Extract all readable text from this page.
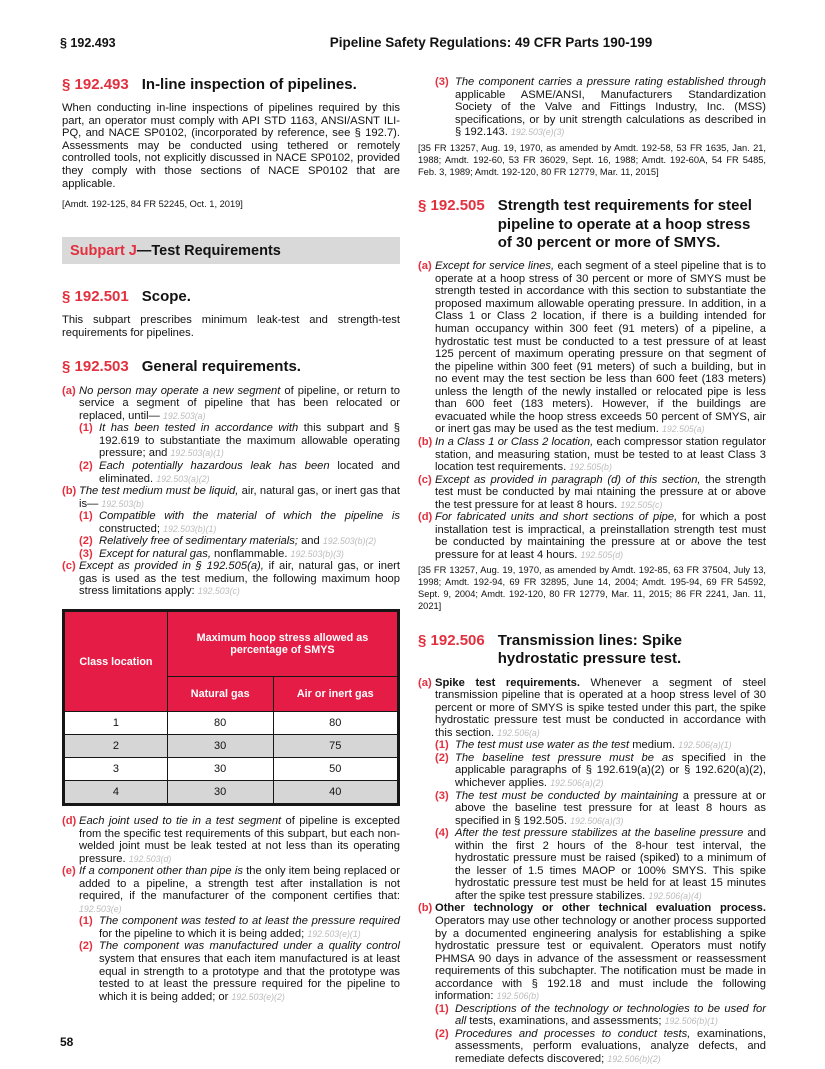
§ 192.493	Pipeline Safety Regulations: 49 CFR Parts 190-199
§ 192.493 In-line inspection of pipelines.

When conducting in-line inspections of pipelines required by this part, an operator must comply with API STD 1163, ANSI/ASNT ILI-PQ, and NACE SP0102, (incorporated by reference, see § 192.7). Assessments may be conducted using tethered or remotely controlled tools, not explicitly discussed in NACE SP0102, provided they comply with those sections of NACE SP0102 that are applicable.

[Amdt. 192-125, 84 FR 52245, Oct. 1, 2019]

Subpart J—Test Requirements
§ 192.501 Scope.

This subpart prescribes minimum leak-test and strength-test requirements for pipelines.

§ 192.503 General requirements.

(a) No person may operate a new segment of pipeline, or return to service a segment of pipeline that has been relocated or replaced, until— 192.503(a)

(1) It has been tested in accordance with this subpart and § 192.619 to substantiate the maximum allowable operating pressure; and 192.503(a)(1)

(2) Each potentially hazardous leak has been located and eliminated. 192.503(a)(2)

(b) The test medium must be liquid, air, natural gas, or inert gas that is— 192.503(b)

(1) Compatible with the material of which the pipeline is constructed; 192.503(b)(1)

(2) Relatively free of sedimentary materials; and 192.503(b)(2)

(3) Except for natural gas, nonflammable. 192.503(b)(3)

(c) Except as provided in § 192.505(a), if air, natural gas, or inert gas is used as the test medium, the following maximum hoop stress limitations apply: 192.503(c)

Class location	Maximum hoop stress allowed as percentage of SMYS	
	Natural gas	Air or inert gas
1	80	80
2	30	75
3	30	50
4	30	40

(d) Each joint used to tie in a test segment of pipeline is excepted from the specific test requirements of this subpart, but each non-welded joint must be leak tested at not less than its operating pressure. 192.503(d)

(e) If a component other than pipe is the only item being replaced or added to a pipeline, a strength test after installation is not required, if the manufacturer of the component certifies that: 192.503(e)

(1) The component was tested to at least the pressure required for the pipeline to which it is being added; 192.503(e)(1)

(2) The component was manufactured under a quality control system that ensures that each item manufactured is at least equal in strength to a prototype and that the prototype was tested to at least the pressure required for the pipeline to which it is being added; or 192.503(e)(2)

(3) The component carries a pressure rating established through applicable ASME/ANSI, Manufacturers Standardization Society of the Valve and Fittings Industry, Inc. (MSS) specifications, or by unit strength calculations as described in § 192.143. 192.503(e)(3)

[35 FR 13257, Aug. 19, 1970, as amended by Amdt. 192-58, 53 FR 1635, Jan. 21, 1988; Amdt. 192-60, 53 FR 36029, Sept. 16, 1988; Amdt. 192-60A, 54 FR 5485, Feb. 3, 1989; Amdt. 192-120, 80 FR 12779, Mar. 11, 2015]

§ 192.505 Strength test requirements for steel pipeline to operate at a hoop stress of 30 percent or more of SMYS.

(a) Except for service lines, each segment of a steel pipeline that is to operate at a hoop stress of 30 percent or more of SMYS must be strength tested in accordance with this section to substantiate the proposed maximum allowable operating pressure. In addition, in a Class 1 or Class 2 location, if there is a building intended for human occupancy within 300 feet (91 meters) of a pipeline, a hydrostatic test must be conducted to a test pressure of at least 125 percent of maximum operating pressure on that segment of the pipeline within 300 feet (91 meters) of such a building, but in no event may the test section be less than 600 feet (183 meters) unless the length of the newly installed or relocated pipe is less than 600 feet (183 meters). However, if the buildings are evacuated while the hoop stress exceeds 50 percent of SMYS, air or inert gas may be used as the test medium. 192.505(a)

(b) In a Class 1 or Class 2 location, each compressor station regulator station, and measuring station, must be tested to at least Class 3 location test requirements. 192.505(b)

(c) Except as provided in paragraph (d) of this section, the strength test must be conducted by mai ntaining the pressure at or above the test pressure for at least 8 hours. 192.505(c)

(d) For fabricated units and short sections of pipe, for which a post installation test is impractical, a preinstallation strength test must be conducted by maintaining the pressure at or above the test pressure for at least 4 hours. 192.505(d)

[35 FR 13257, Aug. 19, 1970, as amended by Amdt. 192-85, 63 FR 37504, July 13, 1998; Amdt. 192-94, 69 FR 32895, June 14, 2004; Amdt. 195-94, 69 FR 54592, Sept. 9, 2004; Amdt. 192-120, 80 FR 12779, Mar. 11, 2015; 86 FR 2241, Jan. 11, 2021]

§ 192.506 Transmission lines: Spike hydrostatic pressure test.

(a) Spike test requirements. Whenever a segment of steel transmission pipeline that is operated at a hoop stress level of 30 percent or more of SMYS is spike tested under this part, the spike hydrostatic pressure test must be conducted in accordance with this section. 192.506(a)

(1) The test must use water as the test medium. 192.506(a)(1)

(2) The baseline test pressure must be as specified in the applicable paragraphs of § 192.619(a)(2) or § 192.620(a)(2), whichever applies. 192.506(a)(2)

(3) The test must be conducted by maintaining a pressure at or above the baseline test pressure for at least 8 hours as specified in § 192.505. 192.506(a)(3)

(4) After the test pressure stabilizes at the baseline pressure and within the first 2 hours of the 8-hour test interval, the hydrostatic pressure must be raised (spiked) to a minimum of the lesser of 1.5 times MAOP or 100% SMYS. This spike hydrostatic pressure test must be held for at least 15 minutes after the spike test pressure stabilizes. 192.506(a)(4)

(b) Other technology or other technical evaluation process. Operators may use other technology or another process supported by a documented engineering analysis for establishing a spike hydrostatic pressure test or equivalent. Operators must notify PHMSA 90 days in advance of the assessment or reassessment requirements of this subchapter. The notification must be made in accordance with § 192.18 and must include the following information: 192.506(b)

(1) Descriptions of the technology or technologies to be used for all tests, examinations, and assessments; 192.506(b)(1)

(2) Procedures and processes to conduct tests, examinations, assessments, perform evaluations, analyze defects, and remediate defects discovered; 192.506(b)(2)

58
